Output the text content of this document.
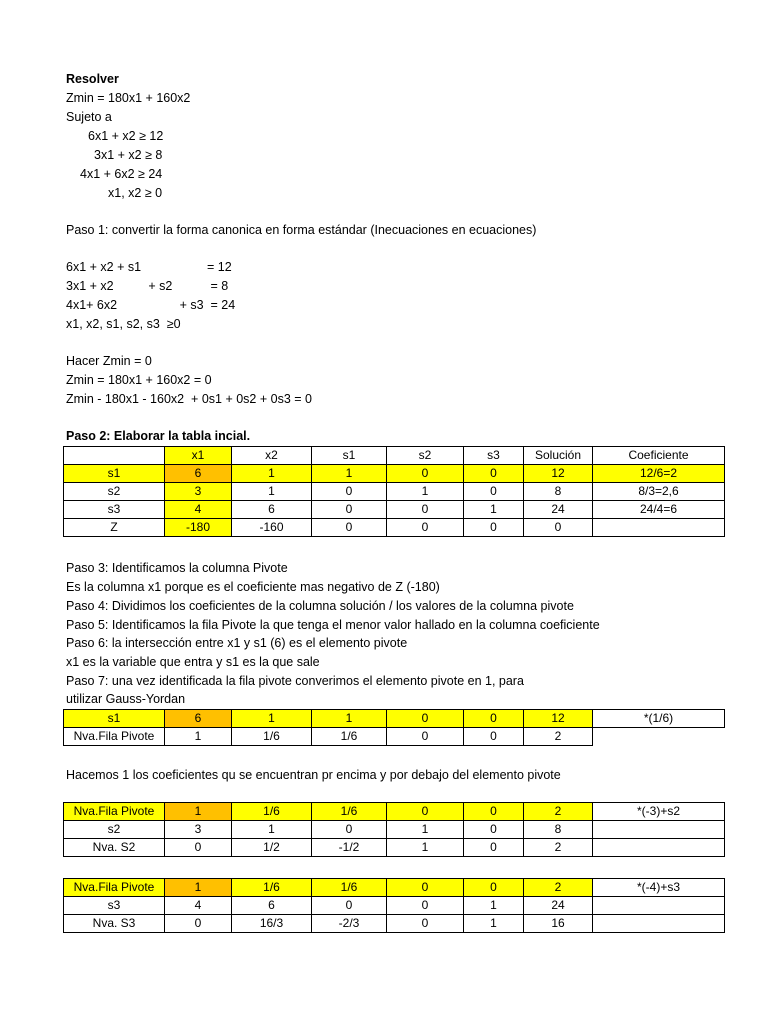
Resolver
Zmin = 180x1 + 160x2
Sujeto a
6x1 + x2 ≥ 12
3x1 + x2 ≥ 8
4x1 + 6x2 ≥ 24
x1, x2 ≥ 0
Paso 1: convertir la forma canonica en forma estándar (Inecuaciones en ecuaciones)
6x1 + x2 + s1                   = 12
3x1 + x2          + s2           = 8
4x1+ 6x2                  + s3  = 24
x1, x2, s1, s2, s3  ≥0
Hacer Zmin = 0
Zmin = 180x1 + 160x2 = 0
Zmin - 180x1 - 160x2  + 0s1 + 0s2 + 0s3 = 0
Paso 2: Elaborar la tabla incial.
	x1	x2	s1	s2	s3	Solución	Coeficiente
s1	6	1	1	0	0	12	12/6=2
s2	3	1	0	1	0	8	8/3=2,6
s3	4	6	0	0	1	24	24/4=6
Z	-180	-160	0	0	0	0	
Paso 3: Identificamos la columna Pivote
Es la columna x1 porque es el coeficiente mas negativo de Z (-180)
Paso 4: Dividimos los coeficientes de la columna solución / los valores de la columna pivote
Paso 5: Identificamos la fila Pivote la que tenga el menor valor hallado en la columna coeficiente
Paso 6: la intersección entre x1 y s1 (6) es el elemento pivote
x1 es la variable que entra y s1 es la que sale
Paso 7: una vez identificada la fila pivote converimos el elemento pivote en 1, para
utilizar Gauss-Yordan
s1	6	1	1	0	0	12	*(1/6)
Nva.Fila Pivote	1	1/6	1/6	0	0	2	
Hacemos 1 los coeficientes qu se encuentran pr encima y por debajo del elemento pivote
Nva.Fila Pivote	1	1/6	1/6	0	0	2	*(-3)+s2
s2	3	1	0	1	0	8	
Nva. S2	0	1/2	-1/2	1	0	2	
Nva.Fila Pivote	1	1/6	1/6	0	0	2	*(-4)+s3
s3	4	6	0	0	1	24	
Nva. S3	0	16/3	-2/3	0	1	16	
